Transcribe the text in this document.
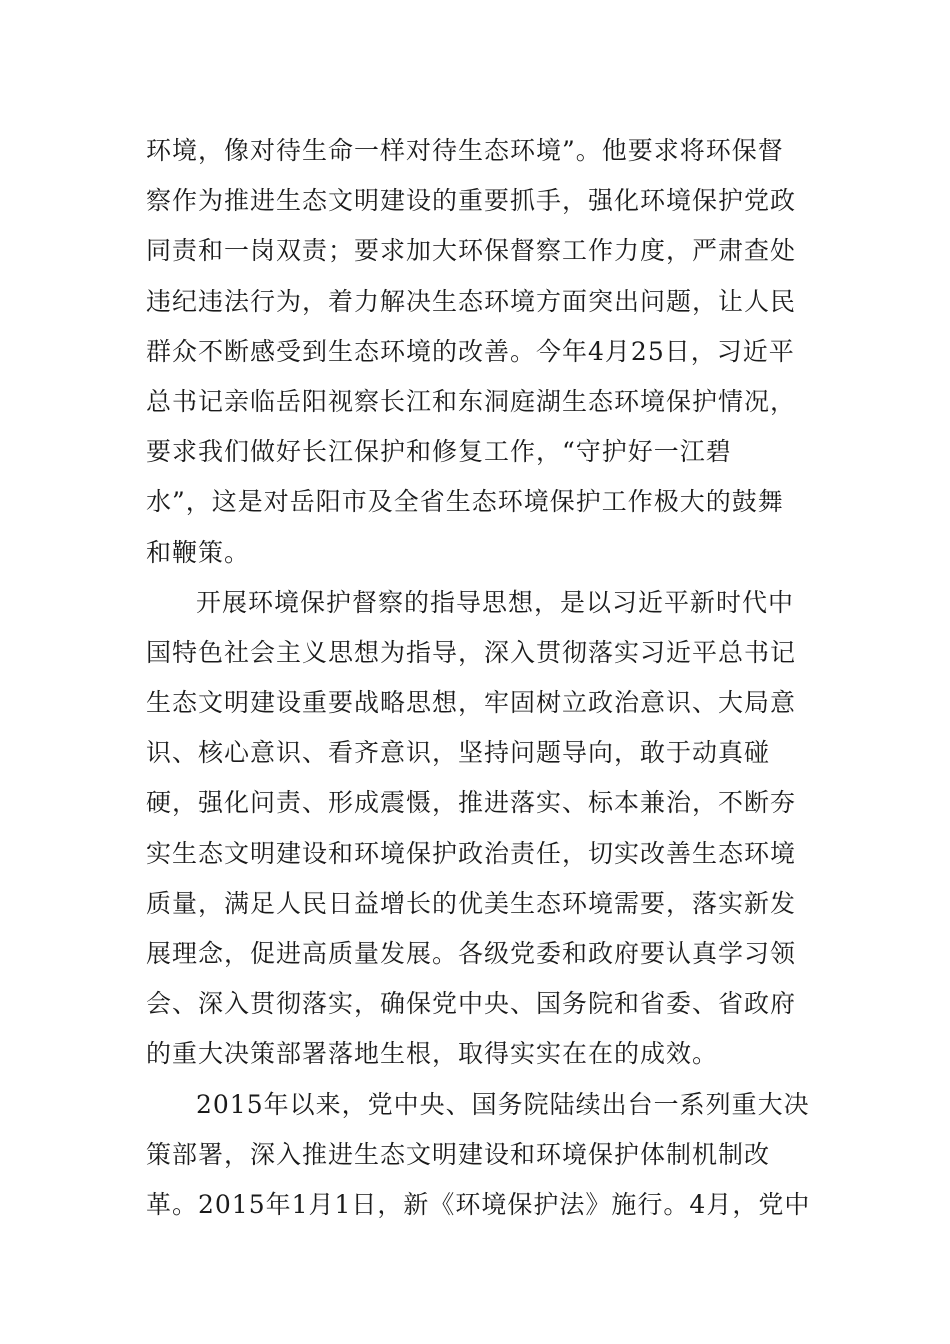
环境，像对待生命一样对待生态环境”。他要求将环保督
察作为推进生态文明建设的重要抓手，强化环境保护党政
同责和一岗双责；要求加大环保督察工作力度，严肃查处
违纪违法行为，着力解决生态环境方面突出问题，让人民
群众不断感受到生态环境的改善。今年4月25日，习近平
总书记亲临岳阳视察长江和东洞庭湖生态环境保护情况，
要求我们做好长江保护和修复工作，“守护好一江碧
水”，这是对岳阳市及全省生态环境保护工作极大的鼓舞
和鞭策。
开展环境保护督察的指导思想，是以习近平新时代中
国特色社会主义思想为指导，深入贯彻落实习近平总书记
生态文明建设重要战略思想，牢固树立政治意识、大局意
识、核心意识、看齐意识，坚持问题导向，敢于动真碰
硬，强化问责、形成震慑，推进落实、标本兼治，不断夯
实生态文明建设和环境保护政治责任，切实改善生态环境
质量，满足人民日益增长的优美生态环境需要，落实新发
展理念，促进高质量发展。各级党委和政府要认真学习领
会、深入贯彻落实，确保党中央、国务院和省委、省政府
的重大决策部署落地生根，取得实实在在的成效。
2015年以来，党中央、国务院陆续出台一系列重大决
策部署，深入推进生态文明建设和环境保护体制机制改
革。2015年1月1日，新《环境保护法》施行。4月，党中
